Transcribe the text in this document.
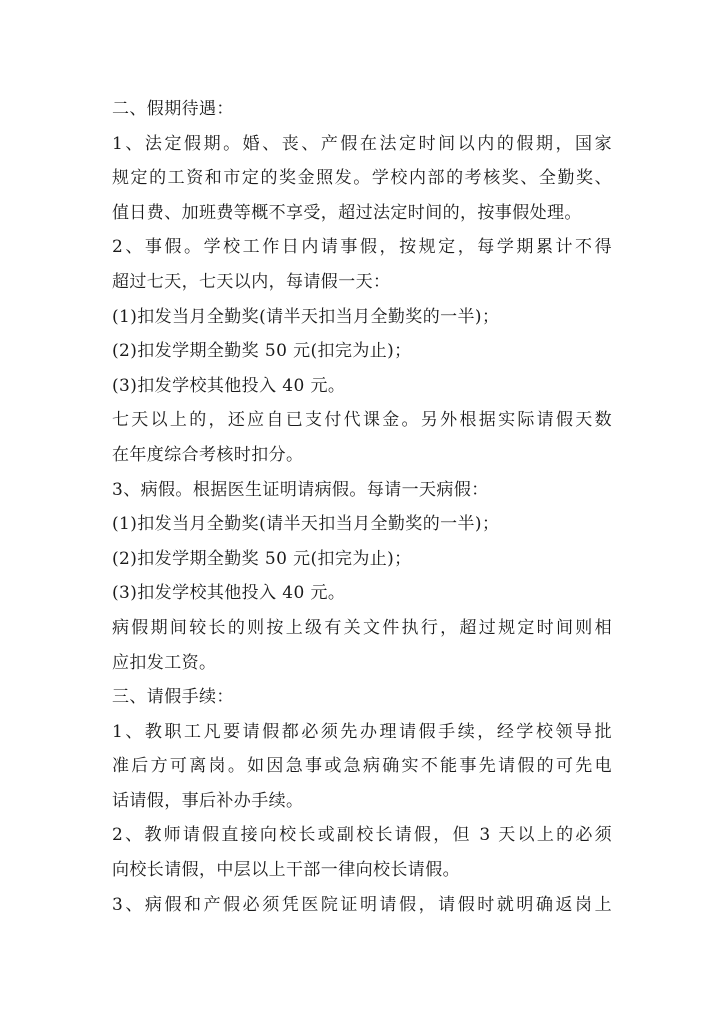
二、假期待遇：
1、法定假期。婚、丧、产假在法定时间以内的假期，国家
规定的工资和市定的奖金照发。学校内部的考核奖、全勤奖、
值日费、加班费等概不享受，超过法定时间的，按事假处理。
2、事假。学校工作日内请事假，按规定，每学期累计不得
超过七天，七天以内，每请假一天：
(1)扣发当月全勤奖(请半天扣当月全勤奖的一半)；
(2)扣发学期全勤奖 50 元(扣完为止)；
(3)扣发学校其他投入 40 元。
七天以上的，还应自已支付代课金。另外根据实际请假天数
在年度综合考核时扣分。
3、病假。根据医生证明请病假。每请一天病假：
(1)扣发当月全勤奖(请半天扣当月全勤奖的一半)；
(2)扣发学期全勤奖 50 元(扣完为止)；
(3)扣发学校其他投入 40 元。
病假期间较长的则按上级有关文件执行，超过规定时间则相
应扣发工资。
三、请假手续：
1、教职工凡要请假都必须先办理请假手续，经学校领导批
准后方可离岗。如因急事或急病确实不能事先请假的可先电
话请假，事后补办手续。
2、教师请假直接向校长或副校长请假，但 3 天以上的必须
向校长请假，中层以上干部一律向校长请假。
3、病假和产假必须凭医院证明请假，请假时就明确返岗上
